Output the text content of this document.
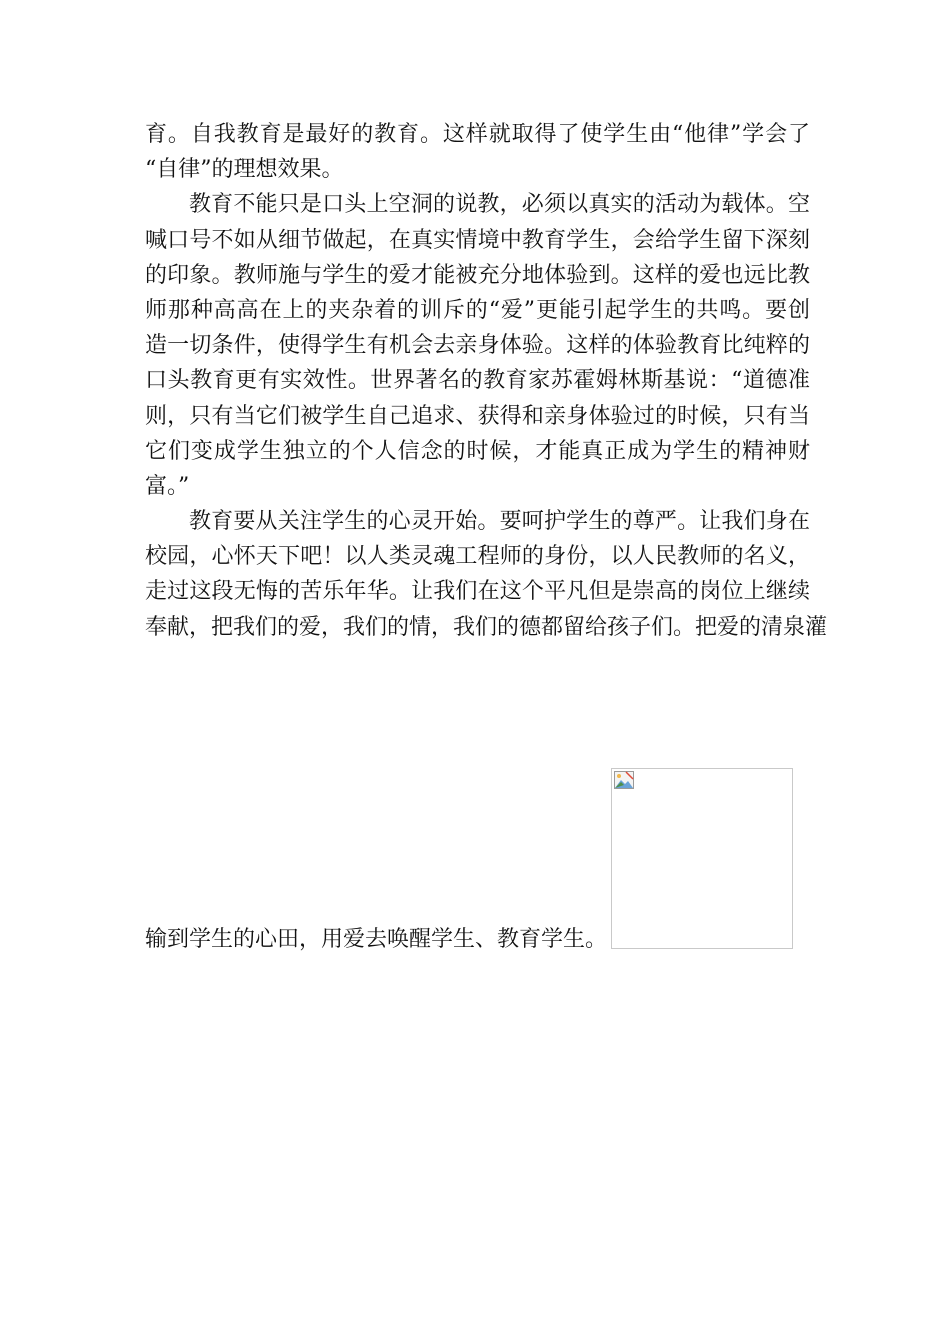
育。自我教育是最好的教育。这样就取得了使学生由“他律”学会了
“自律”的理想效果。
教育不能只是口头上空洞的说教，必须以真实的活动为载体。空
喊口号不如从细节做起，在真实情境中教育学生，会给学生留下深刻
的印象。教师施与学生的爱才能被充分地体验到。这样的爱也远比教
师那种高高在上的夹杂着的训斥的“爱”更能引起学生的共鸣。要创
造一切条件，使得学生有机会去亲身体验。这样的体验教育比纯粹的
口头教育更有实效性。世界著名的教育家苏霍姆林斯基说：“道德准
则，只有当它们被学生自己追求、获得和亲身体验过的时候，只有当
它们变成学生独立的个人信念的时候，才能真正成为学生的精神财
富。”
教育要从关注学生的心灵开始。要呵护学生的尊严。让我们身在
校园，心怀天下吧！以人类灵魂工程师的身份，以人民教师的名义，
走过这段无悔的苦乐年华。让我们在这个平凡但是崇高的岗位上继续
奉献，把我们的爱，我们的情，我们的德都留给孩子们。把爱的清泉灌
输到学生的心田，用爱去唤醒学生、教育学生。
